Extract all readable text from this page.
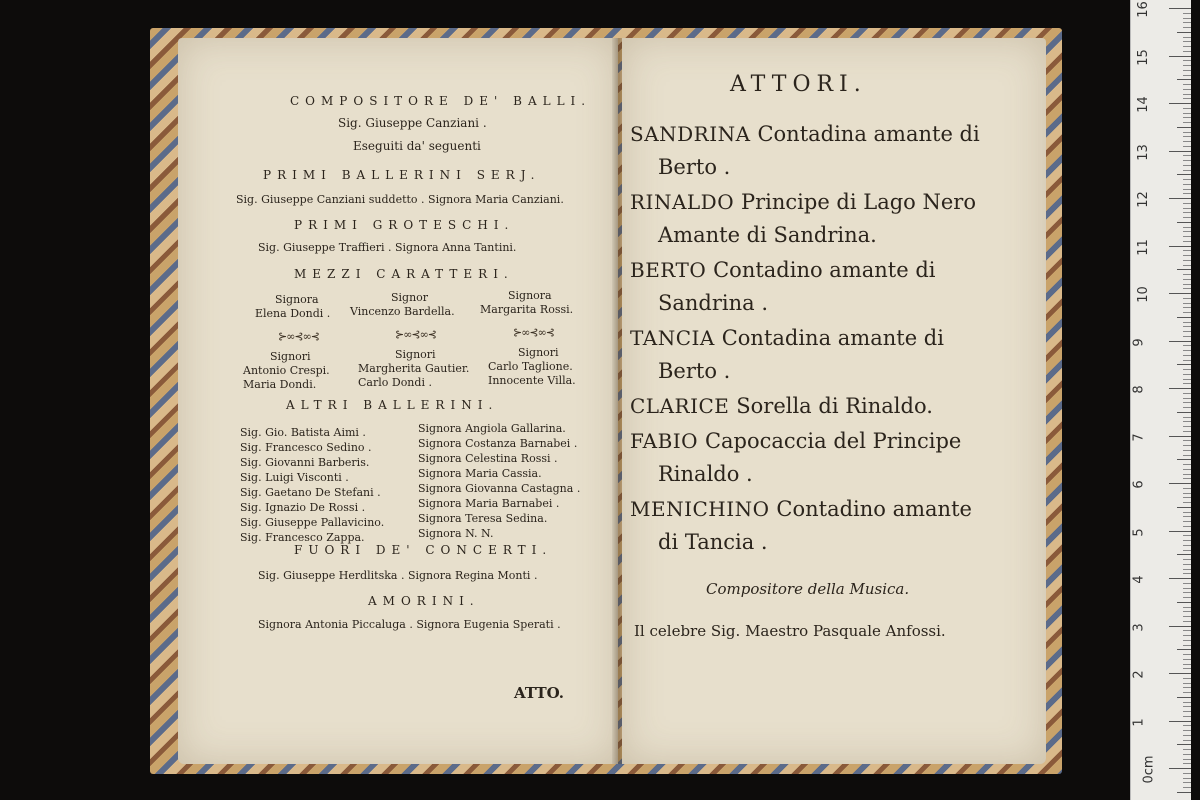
COMPOSITORE DE' BALLI.
Sig. Giuseppe Canziani .
Eseguiti da' seguenti
PRIMI BALLERINI SERJ.
Sig. Giuseppe Canziani suddetto . Signora Maria Canziani.
PRIMI GROTESCHI.
Sig. Giuseppe Traffieri . Signora Anna Tantini.
MEZZI CARATTERI.
Signora
Elena Dondi .
Signor
Vincenzo Bardella.
Signora
Margarita Rossi.
⊱∞⊰∞⊰	⊱∞⊰∞⊰	⊱∞⊰∞⊰
Signori
Antonio Crespi.
Maria Dondi.
Signori
Margherita Gautier.
Carlo Dondi .
Signori
Carlo Taglione.
Innocente Villa.
ALTRI BALLERINI.
Sig. Gio. Batista Aimi .
Sig. Francesco Sedino .
Sig. Giovanni Barberis.
Sig. Luigi Visconti .
Sig. Gaetano De Stefani .
Sig. Ignazio De Rossi .
Sig. Giuseppe Pallavicino.
Sig. Francesco Zappa.
Signora Angiola Gallarina.
Signora Costanza Barnabei .
Signora Celestina Rossi .
Signora Maria Cassia.
Signora Giovanna Castagna .
Signora Maria Barnabei .
Signora Teresa Sedina.
Signora N. N.
FUORI DE' CONCERTI.
Sig. Giuseppe Herdlitska . Signora Regina Monti .
AMORINI.
Signora Antonia Piccaluga . Signora Eugenia Sperati .
ATTO.
ATTORI.
SANDRINA Contadina amante di
Berto .
RINALDO Principe di Lago Nero
Amante di Sandrina.
BERTO Contadino amante di
Sandrina .
TANCIA Contadina amante di
Berto .
CLARICE Sorella di Rinaldo.
FABIO Capocaccia del Principe
Rinaldo .
MENICHINO Contadino amante
di Tancia .
Compositore della Musica.
Il celebre Sig. Maestro Pasquale Anfossi.
16
15
14
13
12
11
10
9
8
7
6
5
4
3
2
1
0cm
